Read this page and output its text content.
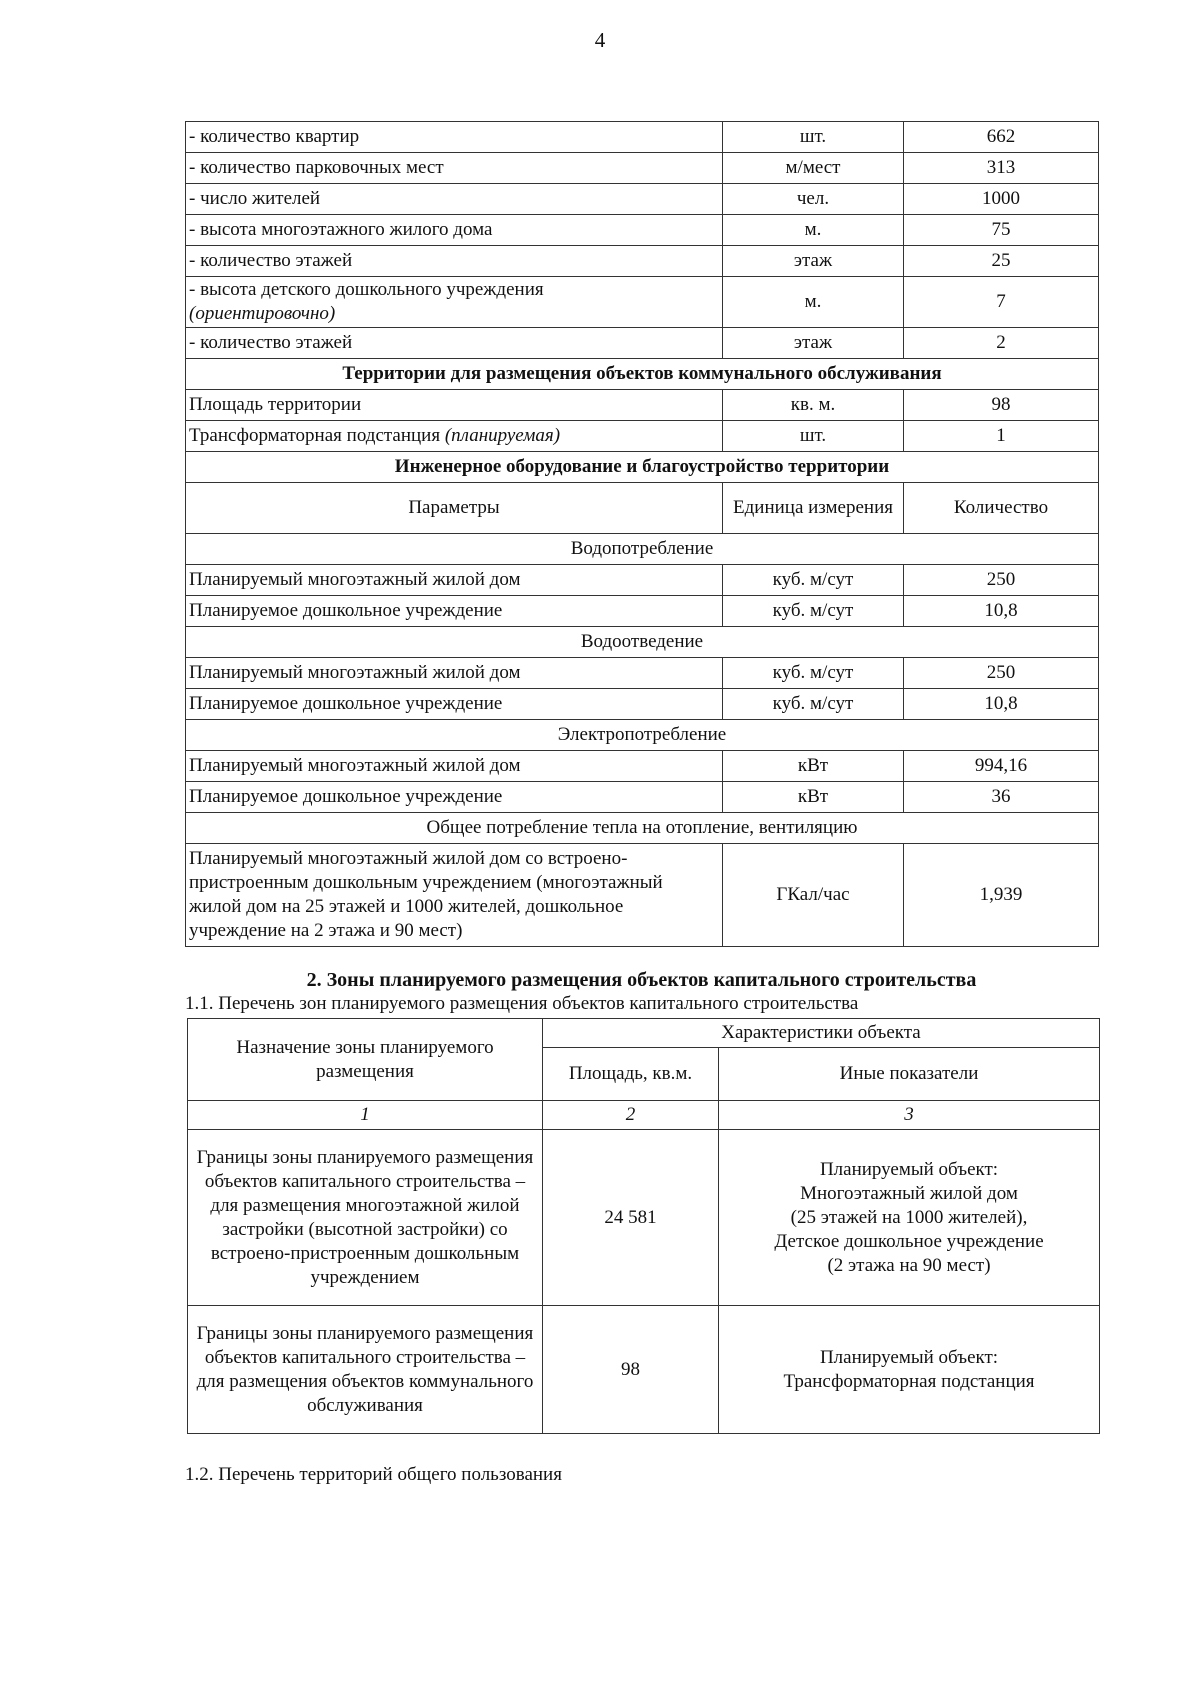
4
- количество квартир	шт.	662
- количество парковочных мест	м/мест	313
- число жителей	чел.	1000
- высота многоэтажного жилого дома	м.	75
- количество этажей	этаж	25
- высота детского дошкольного учреждения
(ориентировочно)	м.	7
- количество этажей	этаж	2
Территории для размещения объектов коммунального обслуживания		
Площадь территории	кв. м.	98
Трансформаторная подстанция (планируемая)	шт.	1
Инженерное оборудование и благоустройство территории		
Параметры	Единица измерения	Количество
Водопотребление		
Планируемый многоэтажный жилой дом	куб. м/сут	250
Планируемое дошкольное учреждение	куб. м/сут	10,8
Водоотведение		
Планируемый многоэтажный жилой дом	куб. м/сут	250
Планируемое дошкольное учреждение	куб. м/сут	10,8
Электропотребление		
Планируемый многоэтажный жилой дом	кВт	994,16
Планируемое дошкольное учреждение	кВт	36
Общее потребление тепла на отопление, вентиляцию		
Планируемый многоэтажный жилой дом со встроено-пристроенным дошкольным учреждением (многоэтажный жилой дом на 25 этажей и 1000 жителей, дошкольное учреждение на 2 этажа и 90 мест)	ГКал/час	1,939
2. Зоны планируемого размещения объектов капитального строительства
1.1. Перечень зон планируемого размещения объектов капитального строительства
Назначение зоны планируемого размещения	Характеристики объекта	
	Площадь, кв.м.	Иные показатели
1	2	3
Границы зоны планируемого размещения объектов капитального строительства – для размещения многоэтажной жилой застройки (высотной застройки) со встроено-пристроенным дошкольным учреждением	24 581	Планируемый объект:
Многоэтажный жилой дом
(25 этажей на 1000 жителей),
Детское дошкольное учреждение
(2 этажа на 90 мест)

Границы зоны планируемого размещения объектов капитального строительства – для размещения объектов коммунального обслуживания	98	Планируемый объект:
Трансформаторная подстанция
1.2. Перечень территорий общего пользования
